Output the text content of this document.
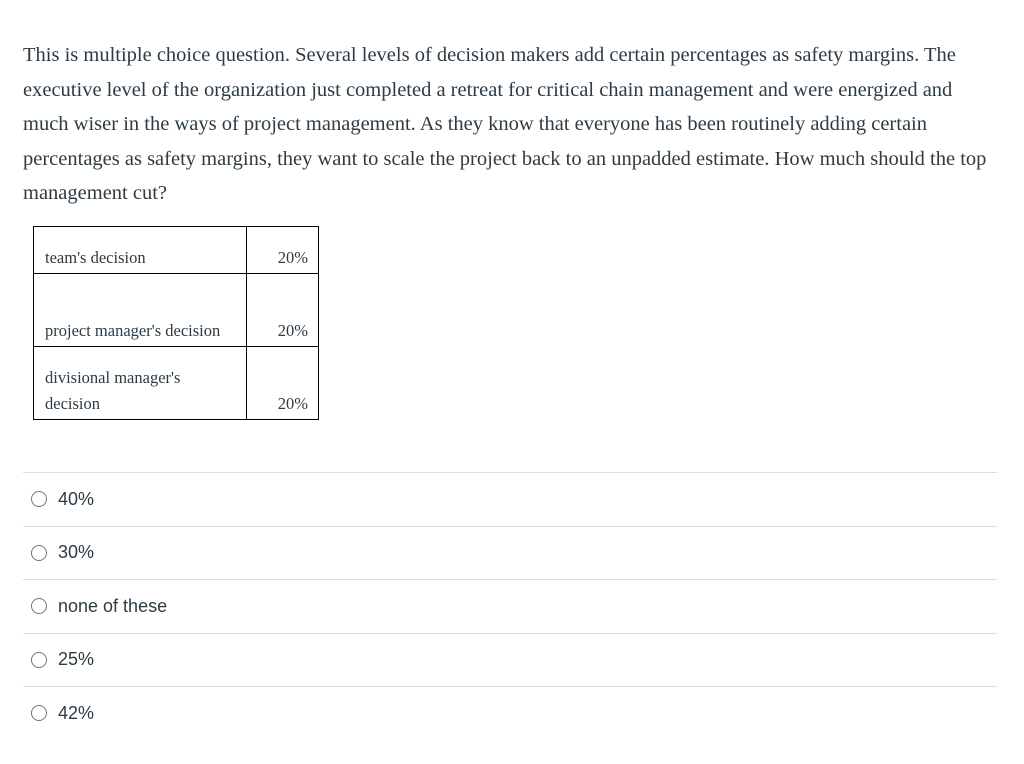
This is multiple choice question. Several levels of decision makers add certain percentages as safety margins. The executive level of the organization just completed a retreat for critical chain management and were energized and much wiser in the ways of project management. As they know that everyone has been routinely adding certain percentages as safety margins, they want to scale the project back to an unpadded estimate. How much should the top management cut?
team's decision	20%
project manager's decision	20%
divisional manager's decision	20%
40%
30%
none of these
25%
42%
